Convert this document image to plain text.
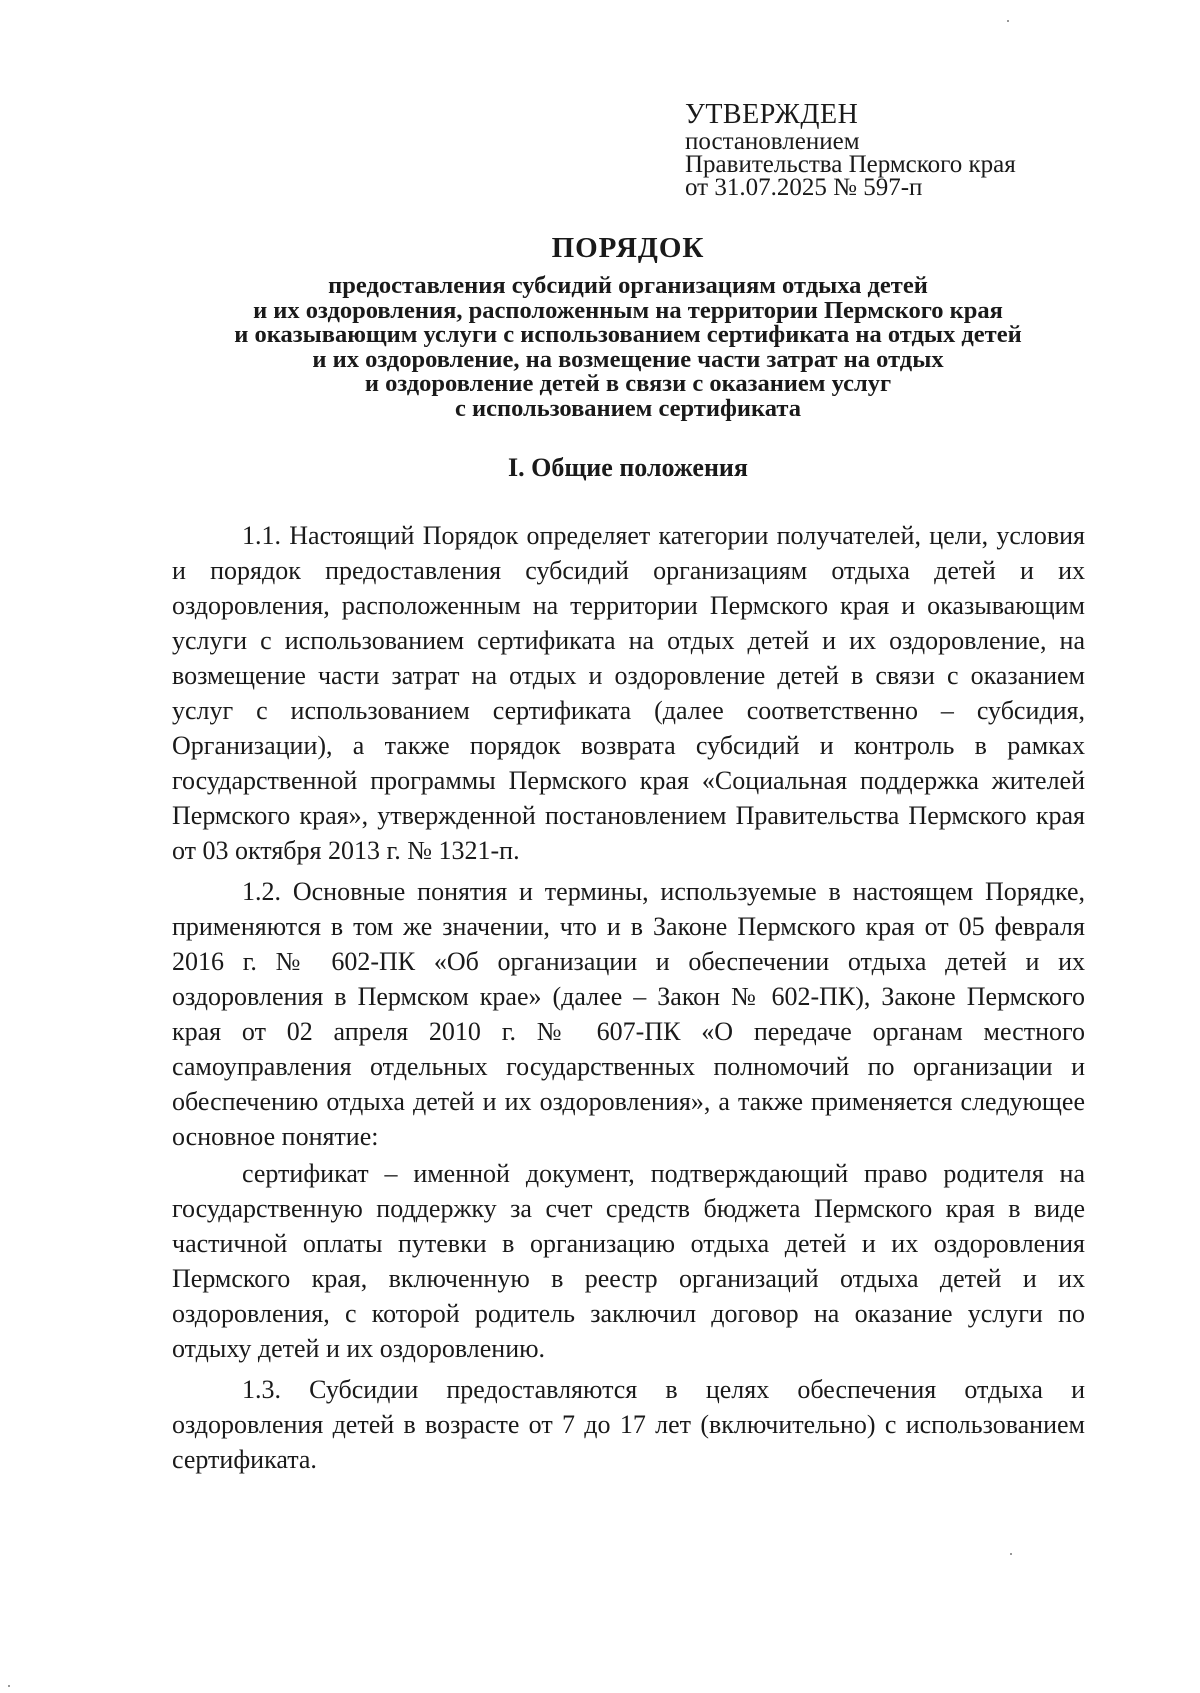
УТВЕРЖДЕН
постановлением
Правительства Пермского края
от 31.07.2025 № 597-п
ПОРЯДОК
предоставления субсидий организациям отдыха детей
и их оздоровления, расположенным на территории Пермского края
и оказывающим услуги с использованием сертификата на отдых детей
и их оздоровление, на возмещение части затрат на отдых
и оздоровление детей в связи с оказанием услуг
с использованием сертификата
I. Общие положения

1.1. Настоящий Порядок определяет категории получателей, цели, условия и порядок предоставления субсидий организациям отдыха детей и их оздоровления, расположенным на территории Пермского края и оказывающим услуги с использованием сертификата на отдых детей и их оздоровление, на возмещение части затрат на отдых и оздоровление детей в связи с оказанием услуг с использованием сертификата (далее соответственно – субсидия, Организации), а также порядок возврата субсидий и контроль в рамках государственной программы Пермского края «Социальная поддержка жителей Пермского края», утвержденной постановлением Правительства Пермского края от 03 октября 2013 г. № 1321-п.

1.2. Основные понятия и термины, используемые в настоящем Порядке, применяются в том же значении, что и в Законе Пермского края от 05 февраля 2016 г. № 602-ПК «Об организации и обеспечении отдыха детей и их оздоровления в Пермском крае» (далее – Закон № 602-ПК), Законе Пермского края от 02 апреля 2010 г. № 607-ПК «О передаче органам местного самоуправления отдельных государственных полномочий по организации и обеспечению отдыха детей и их оздоровления», а также применяется следующее основное понятие:

сертификат – именной документ, подтверждающий право родителя на государственную поддержку за счет средств бюджета Пермского края в виде частичной оплаты путевки в организацию отдыха детей и их оздоровления Пермского края, включенную в реестр организаций отдыха детей и их оздоровления, с которой родитель заключил договор на оказание услуги по отдыху детей и их оздоровлению.

1.3. Субсидии предоставляются в целях обеспечения отдыха и оздоровления детей в возрасте от 7 до 17 лет (включительно) с использованием сертификата.
